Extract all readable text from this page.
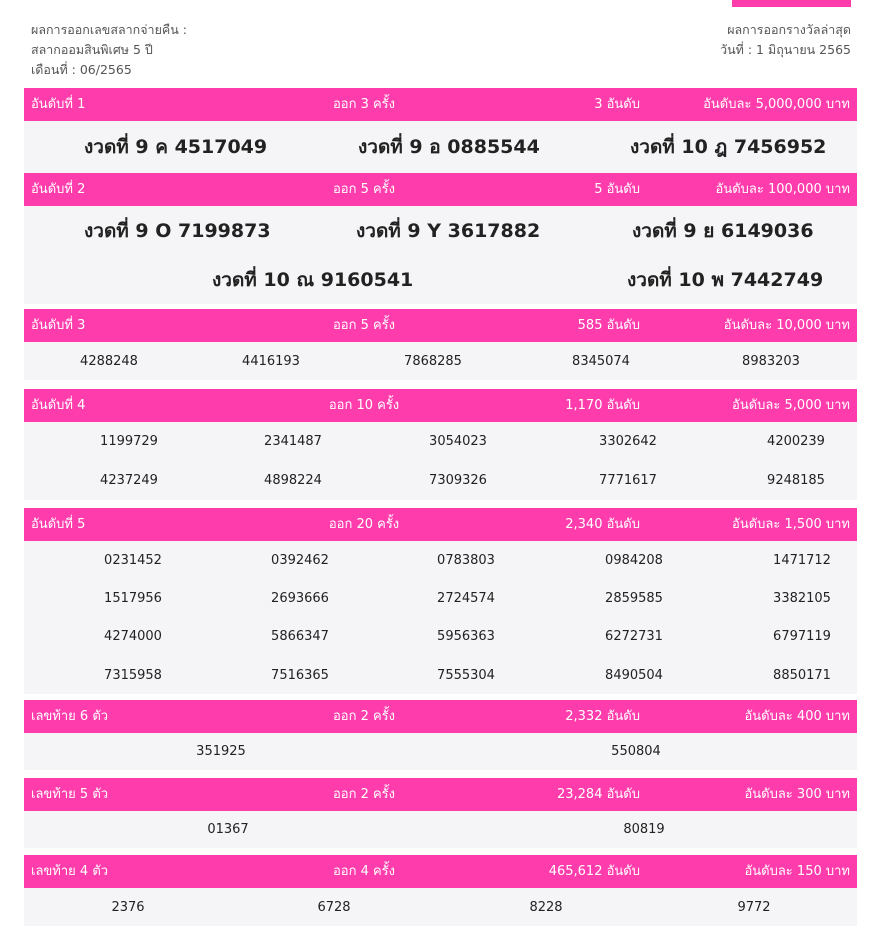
ผลการออกเลขสลากจ่ายคืน :
สลากออมสินพิเศษ 5 ปี
เดือนที่ : 06/2565
ผลการออกรางวัลล่าสุด
วันที่ : 1 มิถุนายน 2565
อันดับที่ 1	ออก 3 ครั้ง	3 อันดับ	อันดับละ 5,000,000 บาท
งวดที่ 9 ค 4517049	งวดที่ 9 อ 0885544	งวดที่ 10 ฎ 7456952
อันดับที่ 2	ออก 5 ครั้ง	5 อันดับ	อันดับละ 100,000 บาท
งวดที่ 9 O 7199873	งวดที่ 9 Y 3617882	งวดที่ 9 ย 6149036
งวดที่ 10 ณ 9160541	งวดที่ 10 พ 7442749
อันดับที่ 3	ออก 5 ครั้ง	585 อันดับ	อันดับละ 10,000 บาท
4288248	4416193	7868285	8345074	8983203
อันดับที่ 4	ออก 10 ครั้ง	1,170 อันดับ	อันดับละ 5,000 บาท
1199729	2341487	3054023	3302642	4200239
4237249	4898224	7309326	7771617	9248185
อันดับที่ 5	ออก 20 ครั้ง	2,340 อันดับ	อันดับละ 1,500 บาท
0231452	0392462	0783803	0984208	1471712
1517956	2693666	2724574	2859585	3382105
4274000	5866347	5956363	6272731	6797119
7315958	7516365	7555304	8490504	8850171
เลขท้าย 6 ตัว	ออก 2 ครั้ง	2,332 อันดับ	อันดับละ 400 บาท
351925	550804
เลขท้าย 5 ตัว	ออก 2 ครั้ง	23,284 อันดับ	อันดับละ 300 บาท
01367	80819
เลขท้าย 4 ตัว	ออก 4 ครั้ง	465,612 อันดับ	อันดับละ 150 บาท
2376	6728	8228	9772
